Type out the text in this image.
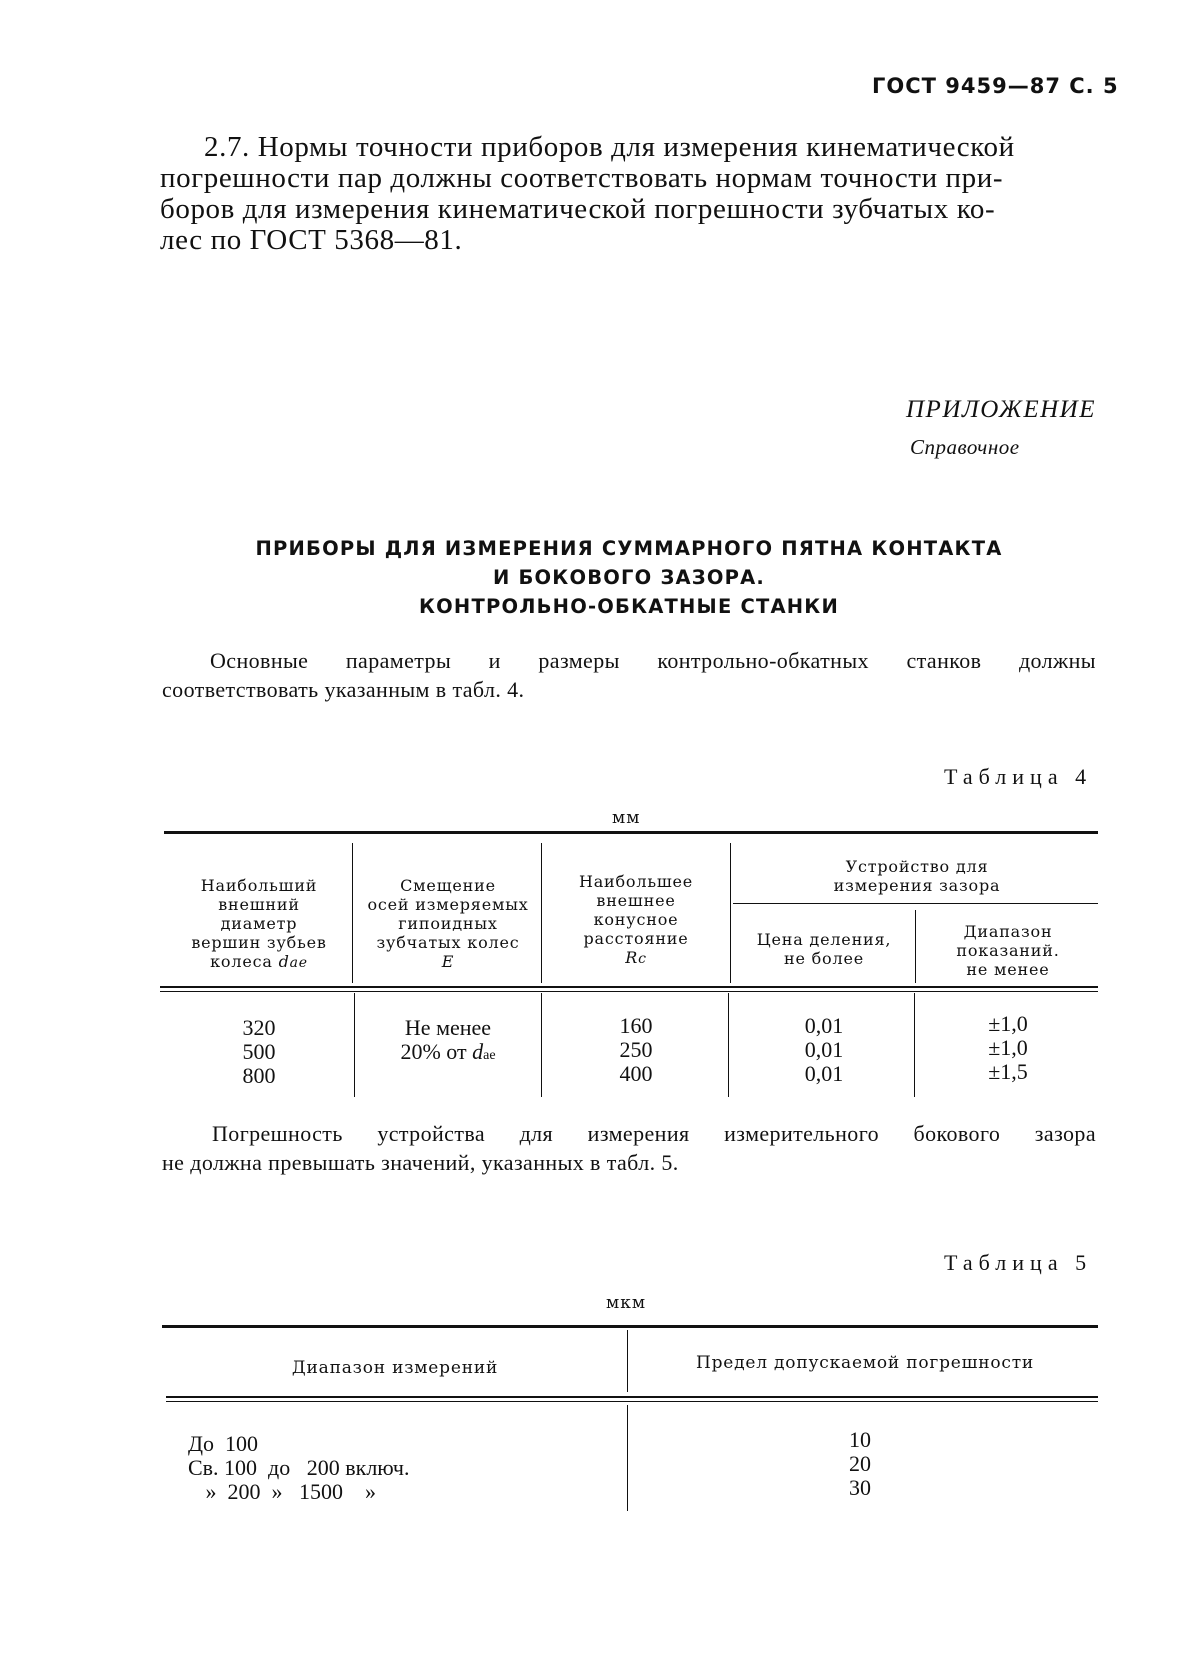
ГОСТ 9459—87 С. 5
2.7. Нормы точности приборов для измерения кинематической
погрешности пар должны соответствовать нормам точности при-
боров для измерения кинематической погрешности зубчатых ко-
лес по ГОСТ 5368—81.
ПРИЛОЖЕНИЕ
Справочное
ПРИБОРЫ ДЛЯ ИЗМЕРЕНИЯ СУММАРНОГО ПЯТНА КОНТАКТА
И БОКОВОГО ЗАЗОРА.
КОНТРОЛЬНО-ОБКАТНЫЕ СТАНКИ
Основные параметры и размеры контрольно-обкатных станков должны
соответствовать указанным в табл. 4.
Таблица 4
мм
Наибольший
внешний
диаметр
вершин зубьев
колеса dae
Смещение
осей измеряемых
гипоидных
зубчатых колес
E
Наибольшее
внешнее
конусное
расстояние
Rc
Устройство для
измерения зазора
Цена деления,
не более
Диапазон
показаний.
не менее
320
500
800
Не менее
20% от dae
160
250
400
0,01
0,01
0,01
±1,0
±1,0
±1,5
Погрешность устройства для измерения измерительного бокового зазора
не должна превышать значений, указанных в табл. 5.
Таблица 5
мкм
Диапазон измерений	Предел допускаемой погрешности
До  100
Св. 100  до   200 включ.
»  200  »   1500    »
10
20
30
